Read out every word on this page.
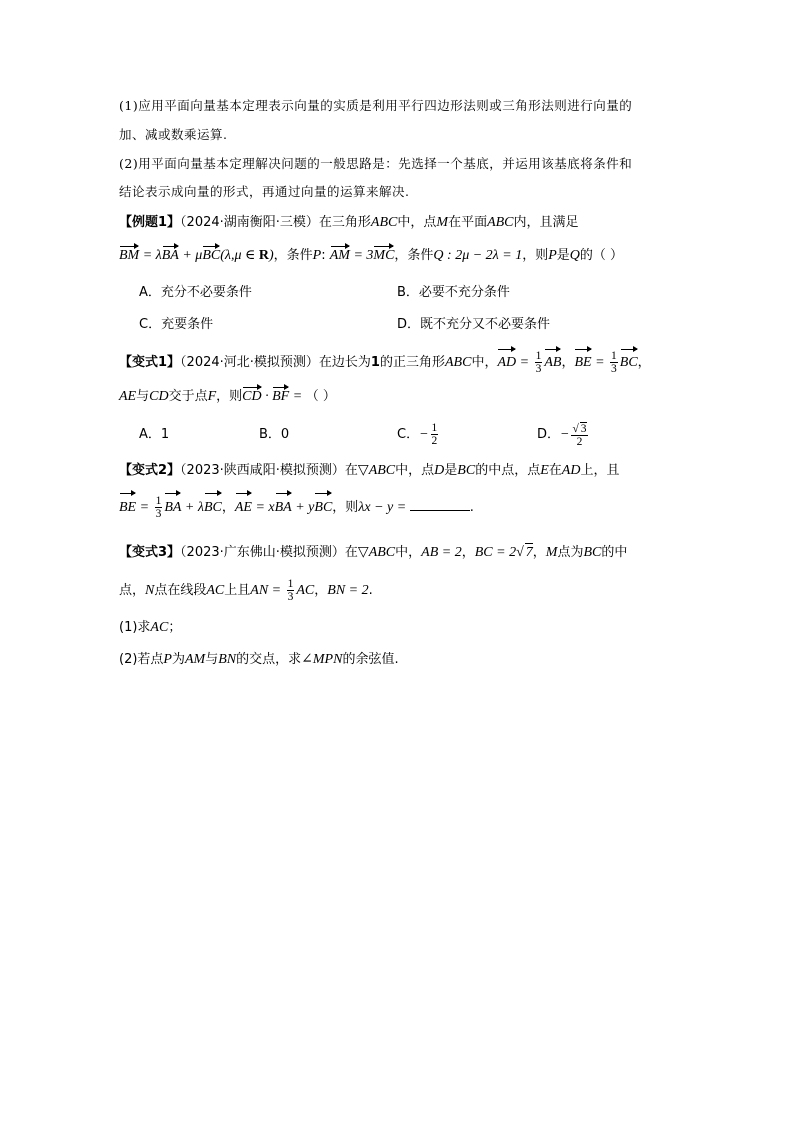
(1)应用平面向量基本定理表示向量的实质是利用平行四边形法则或三角形法则进行向量的
加、减或数乘运算.
(2)用平面向量基本定理解决问题的一般思路是：先选择一个基底，并运用该基底将条件和
结论表示成向量的形式，再通过向量的运算来解决.
【例题1】（2024·湖南衡阳·三模）在三角形ABC中，点M在平面ABC内，且满足
BM = λBA + μBC(λ,μ ∈ R)，条件P: AM = 3MC，条件Q : 2μ − 2λ = 1，则P是Q的（ ）
A．充分不必要条件	B．必要不充分条件
C．充要条件	D．既不充分又不必要条件
【变式1】（2024·河北·模拟预测）在边长为1的正三角形ABC中，AD = $\frac{1}{3}$ AB，BE = $\frac{1}{3}$ BC，
AE与CD交于点F，则CD · BF = （ ）
A．1	B．0	C．− $\frac{1}{2}$	D．− $\frac{√ 3}{2}$
【变式2】（2023·陕西咸阳·模拟预测）在▽ABC中，点D是BC的中点，点E在AD上，且
BE = $\frac{1}{3}$ BA + λBC，AE = xBA + yBC，则λx − y =	.
【变式3】（2023·广东佛山·模拟预测）在▽ABC中，AB = 2，BC = 2√ 7，M点为BC的中
点，N点在线段AC上且AN = $\frac{1}{3}$ AC，BN = 2.
(1)求AC；
(2)若点P为AM与BN的交点，求∠MPN的余弦值.
